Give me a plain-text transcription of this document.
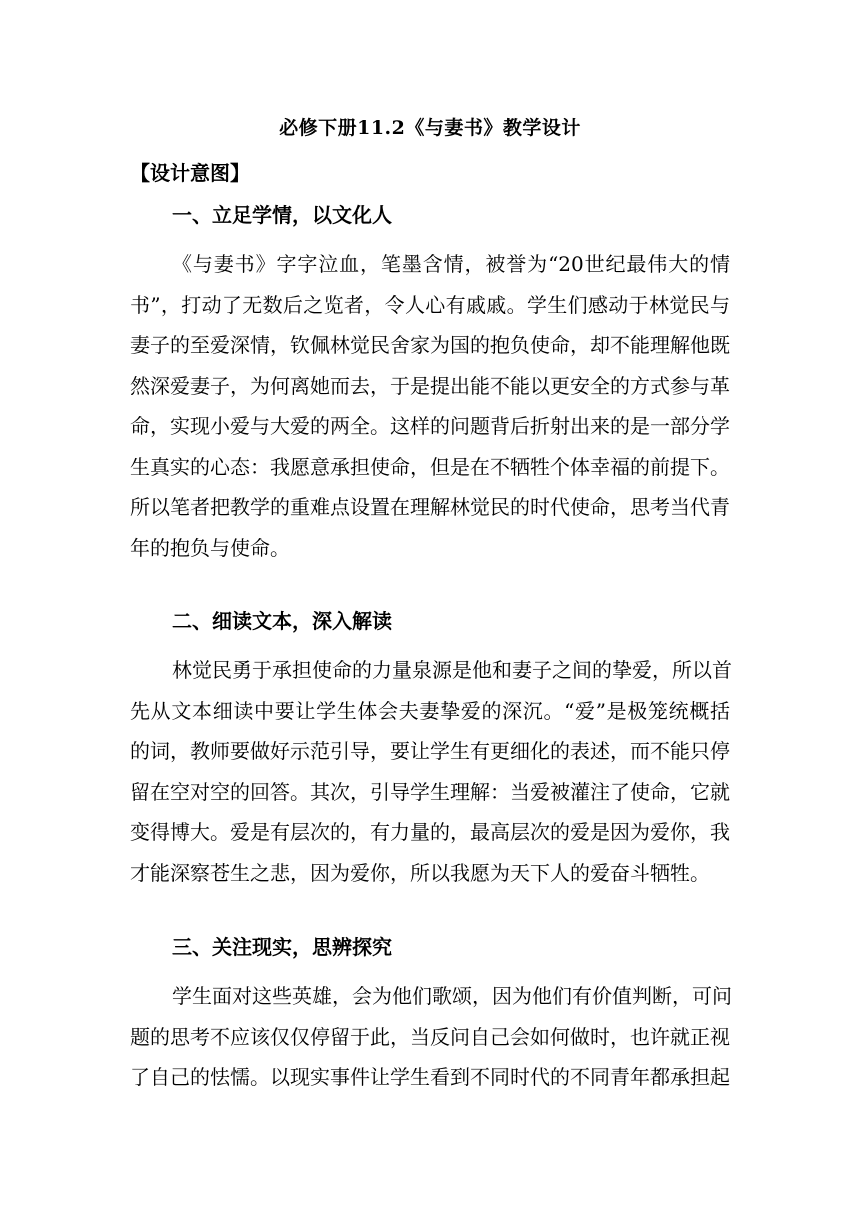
必修下册11.2《与妻书》教学设计
【设计意图】
一、立足学情，以文化人
《与妻书》字字泣血，笔墨含情，被誉为“20世纪最伟大的情
书”，打动了无数后之览者，令人心有戚戚。学生们感动于林觉民与
妻子的至爱深情，钦佩林觉民舍家为国的抱负使命，却不能理解他既
然深爱妻子，为何离她而去，于是提出能不能以更安全的方式参与革
命，实现小爱与大爱的两全。这样的问题背后折射出来的是一部分学
生真实的心态：我愿意承担使命，但是在不牺牲个体幸福的前提下。
所以笔者把教学的重难点设置在理解林觉民的时代使命，思考当代青
年的抱负与使命。
二、细读文本，深入解读
林觉民勇于承担使命的力量泉源是他和妻子之间的挚爱，所以首
先从文本细读中要让学生体会夫妻挚爱的深沉。“爱”是极笼统概括
的词，教师要做好示范引导，要让学生有更细化的表述，而不能只停
留在空对空的回答。其次，引导学生理解：当爱被灌注了使命，它就
变得博大。爱是有层次的，有力量的，最高层次的爱是因为爱你，我
才能深察苍生之悲，因为爱你，所以我愿为天下人的爱奋斗牺牲。
三、关注现实，思辨探究
学生面对这些英雄，会为他们歌颂，因为他们有价值判断，可问
题的思考不应该仅仅停留于此，当反问自己会如何做时，也许就正视
了自己的怯懦。以现实事件让学生看到不同时代的不同青年都承担起
